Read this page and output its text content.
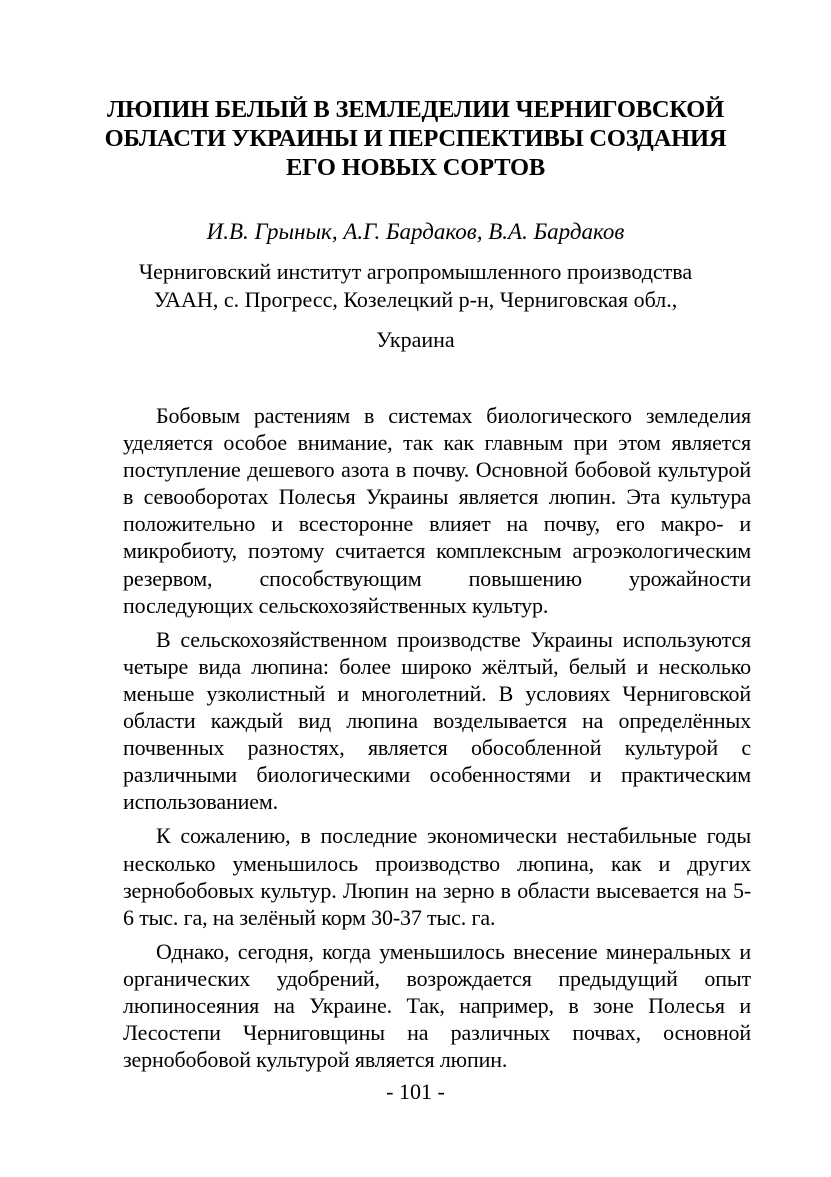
ЛЮПИН БЕЛЫЙ В ЗЕМЛЕДЕЛИИ ЧЕРНИГОВСКОЙ
ОБЛАСТИ УКРАИНЫ И ПЕРСПЕКТИВЫ СОЗДАНИЯ
ЕГО НОВЫХ СОРТОВ

И.В. Грынык, А.Г. Бардаков, В.А. Бардаков

Черниговский институт агропромышленного производства
УААН, с. Прогресс, Козелецкий р-н, Черниговская обл.,

Украина

Бобовым растениям в системах биологического земледелия уделяется особое внимание, так как главным при этом является поступление дешевого азота в почву. Основной бобовой культурой в севооборотах Полесья Украины является люпин. Эта культура положительно и всесторонне влияет на почву, его макро- и микробиоту, поэтому считается комплексным агроэкологическим резервом, способствующим повышению урожайности последующих сельскохозяйственных культур.

В сельскохозяйственном производстве Украины используются четыре вида люпина: более широко жёлтый, белый и несколько меньше узколистный и многолетний. В условиях Черниговской области каждый вид люпина возделывается на определённых почвенных разностях, является обособленной культурой с различными биологическими особенностями и практическим использованием.

К сожалению, в последние экономически нестабильные годы несколько уменьшилось производство люпина, как и других зернобобовых культур. Люпин на зерно в области высевается на 5-6 тыс. га, на зелёный корм 30-37 тыс. га.

Однако, сегодня, когда уменьшилось внесение минеральных и органических удобрений, возрождается предыдущий опыт люпиносеяния на Украине. Так, например, в зоне Полесья и Лесостепи Черниговщины на различных почвах, основной зернобобовой культурой является люпин.

- 101 -
